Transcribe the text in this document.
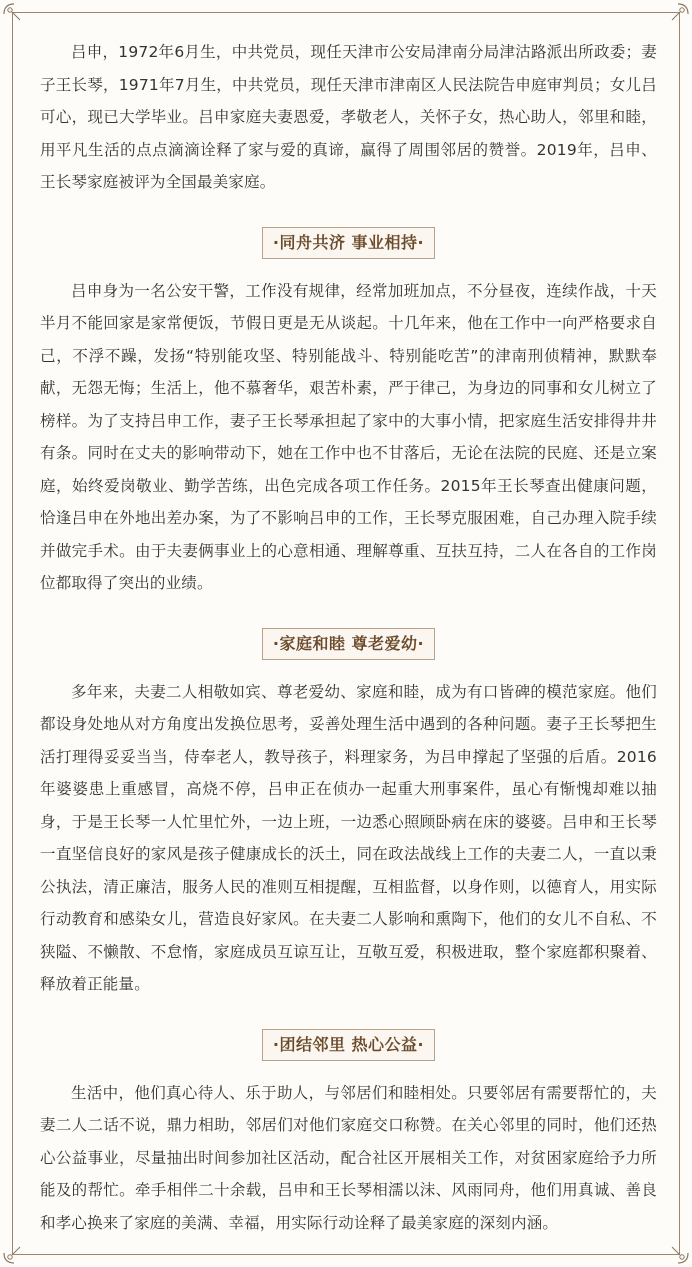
吕申，1972年6月生，中共党员，现任天津市公安局津南分局津沽路派出所政委；妻子王长琴，1971年7月生，中共党员，现任天津市津南区人民法院告申庭审判员；女儿吕可心，现已大学毕业。吕申家庭夫妻恩爱，孝敬老人，关怀子女，热心助人，邻里和睦，用平凡生活的点点滴滴诠释了家与爱的真谛，赢得了周围邻居的赞誉。2019年，吕申、王长琴家庭被评为全国最美家庭。

·同舟共济 事业相持·

吕申身为一名公安干警，工作没有规律，经常加班加点，不分昼夜，连续作战，十天半月不能回家是家常便饭，节假日更是无从谈起。十几年来，他在工作中一向严格要求自己，不浮不躁，发扬“特别能攻坚、特别能战斗、特别能吃苦”的津南刑侦精神，默默奉献，无怨无悔；生活上，他不慕奢华，艰苦朴素，严于律己，为身边的同事和女儿树立了榜样。为了支持吕申工作，妻子王长琴承担起了家中的大事小情，把家庭生活安排得井井有条。同时在丈夫的影响带动下，她在工作中也不甘落后，无论在法院的民庭、还是立案庭，始终爱岗敬业、勤学苦练，出色完成各项工作任务。2015年王长琴查出健康问题，恰逢吕申在外地出差办案，为了不影响吕申的工作，王长琴克服困难，自己办理入院手续并做完手术。由于夫妻俩事业上的心意相通、理解尊重、互扶互持，二人在各自的工作岗位都取得了突出的业绩。

·家庭和睦 尊老爱幼·

多年来，夫妻二人相敬如宾、尊老爱幼、家庭和睦，成为有口皆碑的模范家庭。他们都设身处地从对方角度出发换位思考，妥善处理生活中遇到的各种问题。妻子王长琴把生活打理得妥妥当当，侍奉老人，教导孩子，料理家务，为吕申撑起了坚强的后盾。2016年婆婆患上重感冒，高烧不停，吕申正在侦办一起重大刑事案件，虽心有惭愧却难以抽身，于是王长琴一人忙里忙外，一边上班，一边悉心照顾卧病在床的婆婆。吕申和王长琴一直坚信良好的家风是孩子健康成长的沃土，同在政法战线上工作的夫妻二人，一直以秉公执法，清正廉洁，服务人民的准则互相提醒，互相监督，以身作则，以德育人，用实际行动教育和感染女儿，营造良好家风。在夫妻二人影响和熏陶下，他们的女儿不自私、不狭隘、不懒散、不怠惰，家庭成员互谅互让，互敬互爱，积极进取，整个家庭都积聚着、释放着正能量。

·团结邻里 热心公益·

生活中，他们真心待人、乐于助人，与邻居们和睦相处。只要邻居有需要帮忙的，夫妻二人二话不说，鼎力相助，邻居们对他们家庭交口称赞。在关心邻里的同时，他们还热心公益事业，尽量抽出时间参加社区活动，配合社区开展相关工作，对贫困家庭给予力所能及的帮忙。牵手相伴二十余载，吕申和王长琴相濡以沫、风雨同舟，他们用真诚、善良和孝心换来了家庭的美满、幸福，用实际行动诠释了最美家庭的深刻内涵。
